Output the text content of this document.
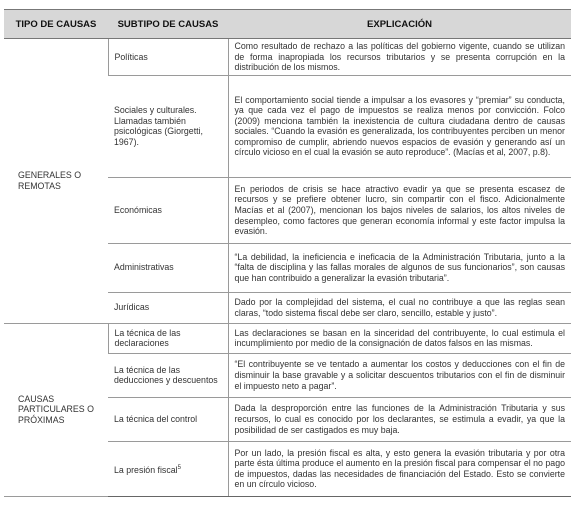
TIPO DE CAUSAS	SUBTIPO DE CAUSAS	EXPLICACIÓN
GENERALES O REMOTAS	Políticas	Como resultado de rechazo a las políticas del gobierno vigente, cuando se utilizan de forma inapropiada los recursos tributarios y se presenta corrupción en la distribución de los mismos.
	Sociales y culturales. Llamadas también psicológicas (Giorgetti, 1967).	El comportamiento social tiende a impulsar a los evasores y “premiar” su conducta, ya que cada vez el pago de impuestos se realiza menos por convicción. Folco (2009) menciona también la inexistencia de cultura ciudadana dentro de causas sociales. “Cuando la evasión es generalizada, los contribuyentes perciben un menor compromiso de cumplir, abriendo nuevos espacios de evasión y generando así un círculo vicioso en el cual la evasión se auto reproduce”. (Macías et al, 2007, p.8).
	Económicas	En periodos de crisis se hace atractivo evadir ya que se presenta escasez de recursos y se prefiere obtener lucro, sin compartir con el fisco. Adicionalmente Macías et al (2007), mencionan los bajos niveles de salarios, los altos niveles de desempleo, como factores que generan economía informal y este factor impulsa la evasión.
	Administrativas	“La debilidad, la ineficiencia e ineficacia de la Administración Tributaria, junto a la “falta de disciplina y las fallas morales de algunos de sus funcionarios”, son causas que han contribuido a generalizar la evasión tributaria”.
	Jurídicas	Dado por la complejidad del sistema, el cual no contribuye a que las reglas sean claras, “todo sistema fiscal debe ser claro, sencillo, estable y justo”.
CAUSAS PARTICULARES O PRÓXIMAS	La técnica de las declaraciones	Las declaraciones se basan en la sinceridad del contribuyente, lo cual estimula el incumplimiento por medio de la consignación de datos falsos en las mismas.
	La técnica de las deducciones y descuentos	“El contribuyente se ve tentado a aumentar los costos y deducciones con el fin de disminuir la base gravable y a solicitar descuentos tributarios con el fin de disminuir el impuesto neto a pagar”.
	La técnica del control	Dada la desproporción entre las funciones de la Administración Tributaria y sus recursos, lo cual es conocido por los declarantes, se estimula a evadir, ya que la posibilidad de ser castigados es muy baja.
	La presión fiscal$^5$	Por un lado, la presión fiscal es alta, y esto genera la evasión tributaria y por otra parte ésta última produce el aumento en la presión fiscal para compensar el no pago de impuestos, dadas las necesidades de financiación del Estado. Esto se convierte en un círculo vicioso.
